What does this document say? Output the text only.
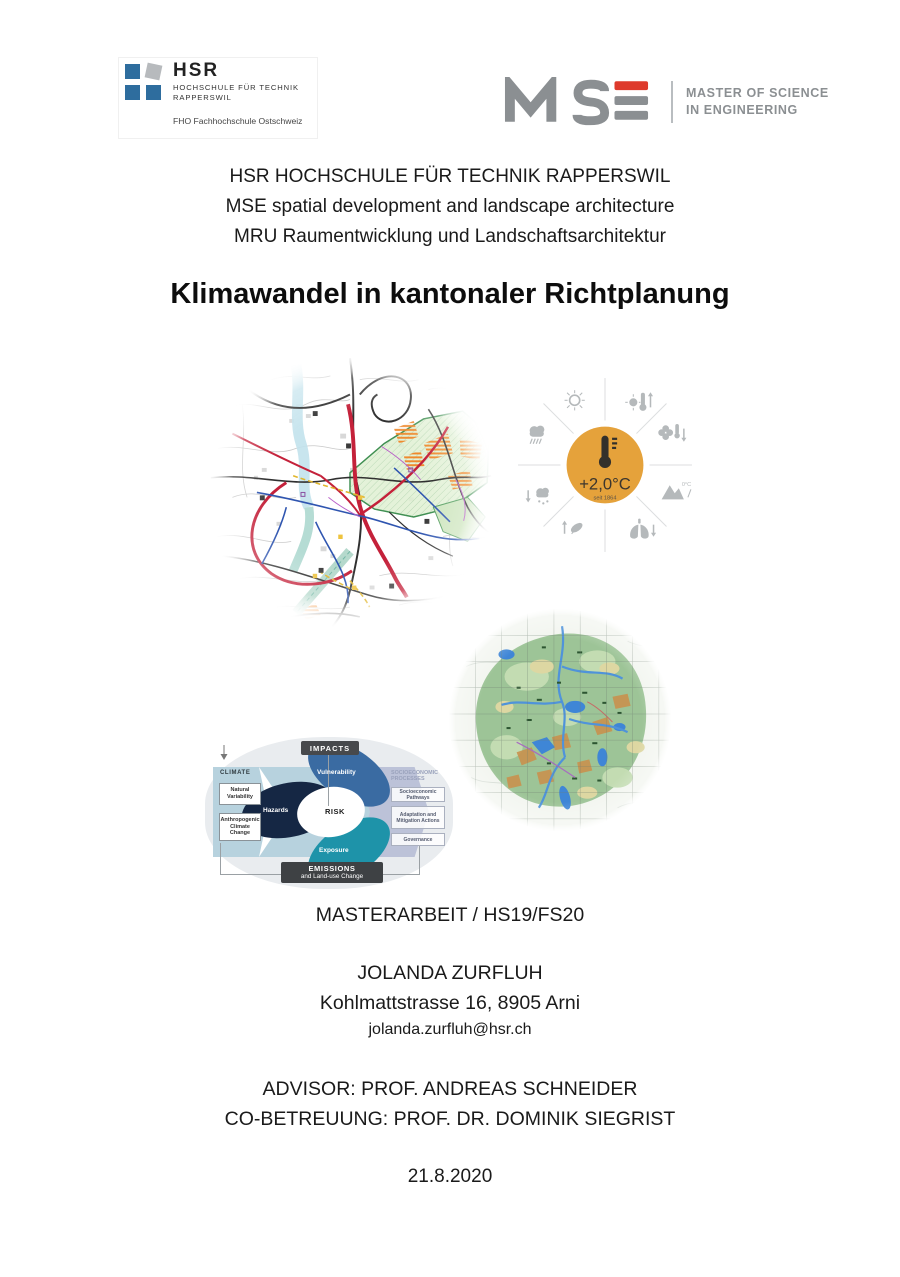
HSR
HOCHSCHULE FÜR TECHNIK
RAPPERSWIL
FHO Fachhochschule Ostschweiz
MASTER OF SCIENCE
IN ENGINEERING
HSR HOCHSCHULE FÜR TECHNIK RAPPERSWIL
MSE spatial development and landscape architecture
MRU Raumentwicklung und Landschaftsarchitektur
Klimawandel in kantonaler Richtplanung
0°C
+2,0°C
seit 1864
Vulnerability
Exposure
Hazards	RISK
IMPACTS
CLIMATE
Natural Variability
Anthropogenic Climate Change
SOCIOECONOMIC PROCESSES
Socioeconomic Pathways
Adaptation and Mitigation Actions
Governance
EMISSIONS
and Land-use Change
MASTERARBEIT / HS19/FS20
JOLANDA ZURFLUH
Kohlmattstrasse 16, 8905 Arni
jolanda.zurfluh@hsr.ch
ADVISOR: PROF. ANDREAS SCHNEIDER
CO-BETREUUNG: PROF. DR. DOMINIK SIEGRIST
21.8.2020
